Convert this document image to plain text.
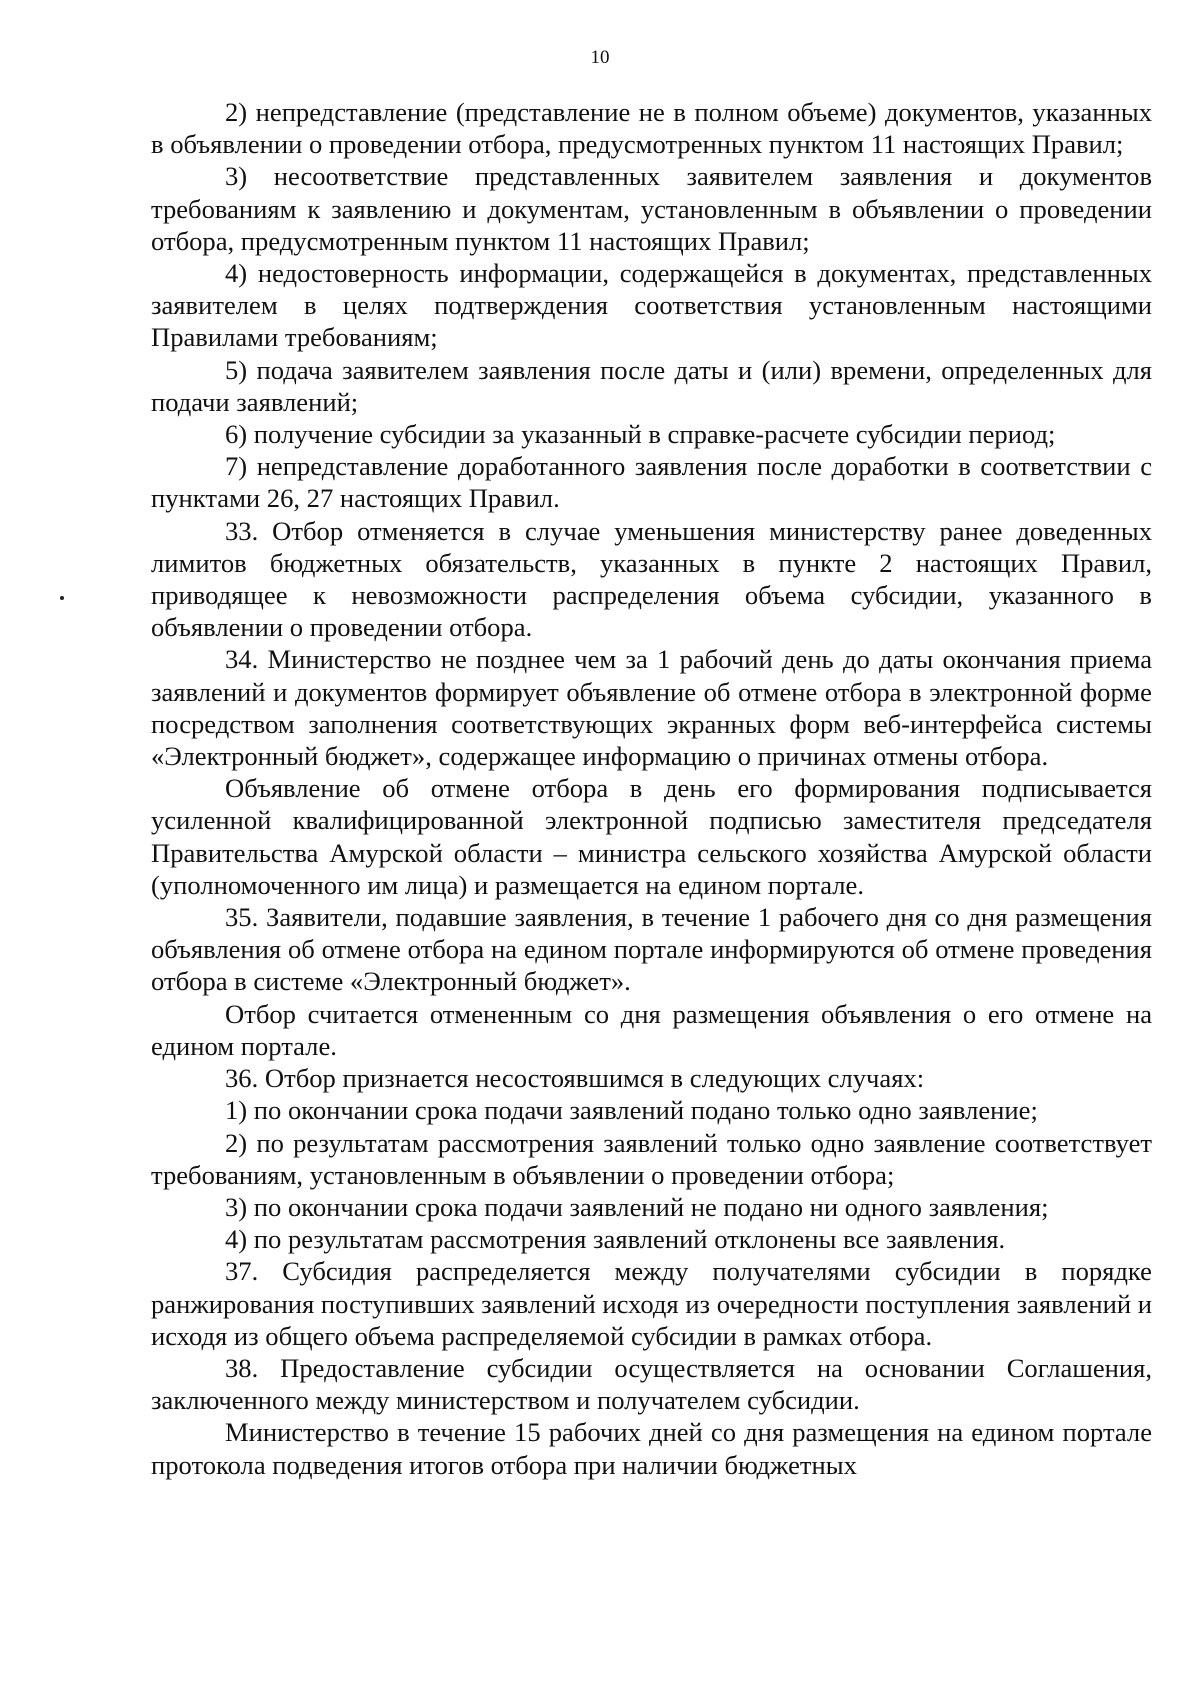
10

2) непредставление (представление не в полном объеме) документов, указанных в объявлении о проведении отбора, предусмотренных пунктом 11 настоящих Правил;

3) несоответствие представленных заявителем заявления и документов требованиям к заявлению и документам, установленным в объявлении о проведении отбора, предусмотренным пунктом 11 настоящих Правил;

4) недостоверность информации, содержащейся в документах, представленных заявителем в целях подтверждения соответствия установленным настоящими Правилами требованиям;

5) подача заявителем заявления после даты и (или) времени, определенных для подачи заявлений;

6) получение субсидии за указанный в справке-расчете субсидии период;

7) непредставление доработанного заявления после доработки в соответствии с пунктами 26, 27 настоящих Правил.

33. Отбор отменяется в случае уменьшения министерству ранее доведенных лимитов бюджетных обязательств, указанных в пункте 2 настоящих Правил, приводящее к невозможности распределения объема субсидии, указанного в объявлении о проведении отбора.

34. Министерство не позднее чем за 1 рабочий день до даты окончания приема заявлений и документов формирует объявление об отмене отбора в электронной форме посредством заполнения соответствующих экранных форм веб-интерфейса системы «Электронный бюджет», содержащее информацию о причинах отмены отбора.

Объявление об отмене отбора в день его формирования подписывается усиленной квалифицированной электронной подписью заместителя председателя Правительства Амурской области – министра сельского хозяйства Амурской области (уполномоченного им лица) и размещается на едином портале.

35. Заявители, подавшие заявления, в течение 1 рабочего дня со дня размещения объявления об отмене отбора на едином портале информируются об отмене проведения отбора в системе «Электронный бюджет».

Отбор считается отмененным со дня размещения объявления о его отмене на едином портале.

36. Отбор признается несостоявшимся в следующих случаях:

1) по окончании срока подачи заявлений подано только одно заявление;

2) по результатам рассмотрения заявлений только одно заявление соответствует требованиям, установленным в объявлении о проведении отбора;

3) по окончании срока подачи заявлений не подано ни одного заявления;

4) по результатам рассмотрения заявлений отклонены все заявления.

37. Субсидия распределяется между получателями субсидии в порядке ранжирования поступивших заявлений исходя из очередности поступления заявлений и исходя из общего объема распределяемой субсидии в рамках отбора.

38. Предоставление субсидии осуществляется на основании Соглашения, заключенного между министерством и получателем субсидии.

Министерство в течение 15 рабочих дней со дня размещения на едином портале протокола подведения итогов отбора при наличии бюджетных
